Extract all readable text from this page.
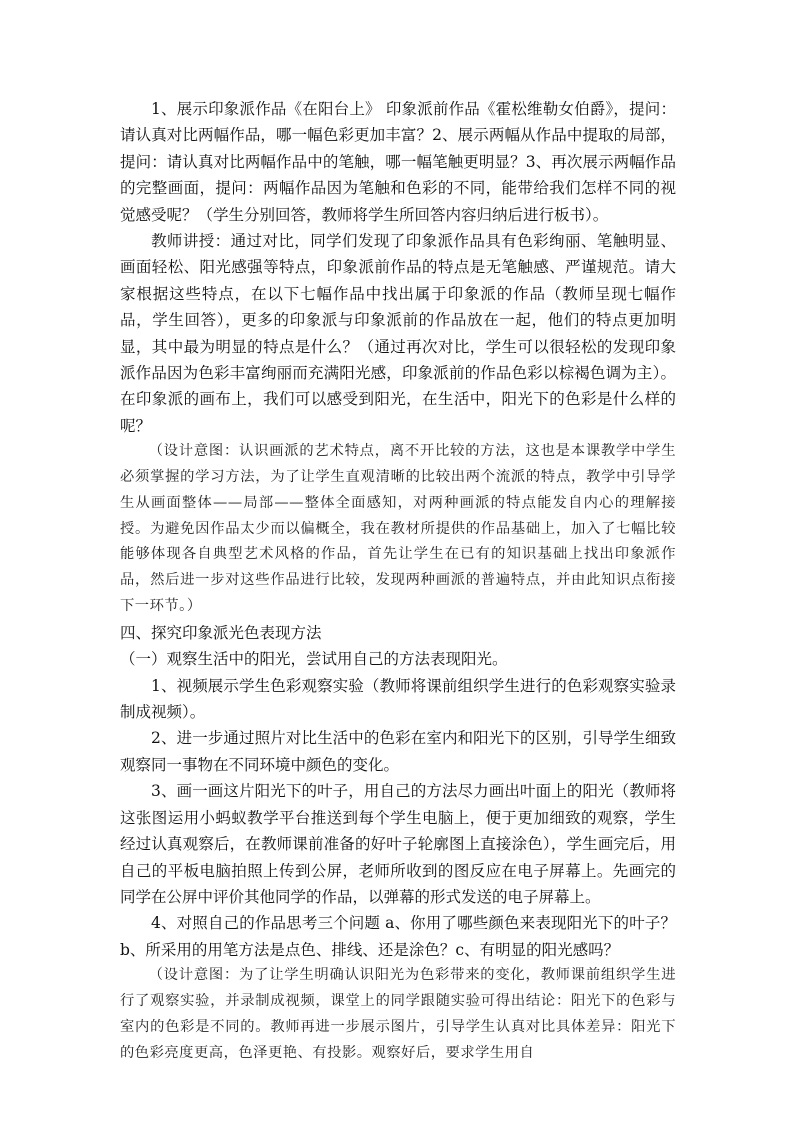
1、展示印象派作品《在阳台上》 印象派前作品《霍松维勒女伯爵》，提问：请认真对比两幅作品，哪一幅色彩更加丰富？2、展示两幅从作品中提取的局部，提问：请认真对比两幅作品中的笔触，哪一幅笔触更明显？3、再次展示两幅作品的完整画面，提问：两幅作品因为笔触和色彩的不同，能带给我们怎样不同的视觉感受呢？（学生分别回答，教师将学生所回答内容归纳后进行板书）。

教师讲授：通过对比，同学们发现了印象派作品具有色彩绚丽、笔触明显、画面轻松、阳光感强等特点，印象派前作品的特点是无笔触感、严谨规范。请大家根据这些特点，在以下七幅作品中找出属于印象派的作品（教师呈现七幅作品，学生回答），更多的印象派与印象派前的作品放在一起，他们的特点更加明显，其中最为明显的特点是什么？（通过再次对比，学生可以很轻松的发现印象派作品因为色彩丰富绚丽而充满阳光感，印象派前的作品色彩以棕褐色调为主）。在印象派的画布上，我们可以感受到阳光，在生活中，阳光下的色彩是什么样的呢？

（设计意图：认识画派的艺术特点，离不开比较的方法，这也是本课教学中学生必须掌握的学习方法，为了让学生直观清晰的比较出两个流派的特点，教学中引导学生从画面整体——局部——整体全面感知，对两种画派的特点能发自内心的理解接授。为避免因作品太少而以偏概全，我在教材所提供的作品基础上，加入了七幅比较能够体现各自典型艺术风格的作品，首先让学生在已有的知识基础上找出印象派作品，然后进一步对这些作品进行比较，发现两种画派的普遍特点，并由此知识点衔接下一环节。）

四、探究印象派光色表现方法

（一）观察生活中的阳光，尝试用自己的方法表现阳光。

1、视频展示学生色彩观察实验（教师将课前组织学生进行的色彩观察实验录制成视频）。

2、进一步通过照片对比生活中的色彩在室内和阳光下的区别，引导学生细致观察同一事物在不同环境中颜色的变化。

3、画一画这片阳光下的叶子，用自己的方法尽力画出叶面上的阳光（教师将这张图运用小蚂蚁教学平台推送到每个学生电脑上，便于更加细致的观察，学生经过认真观察后，在教师课前准备的好叶子轮廓图上直接涂色），学生画完后，用自己的平板电脑拍照上传到公屏，老师所收到的图反应在电子屏幕上。先画完的同学在公屏中评价其他同学的作品，以弹幕的形式发送的电子屏幕上。

4、对照自己的作品思考三个问题 a、你用了哪些颜色来表现阳光下的叶子？b、所采用的用笔方法是点色、排线、还是涂色？c、有明显的阳光感吗？

（设计意图：为了让学生明确认识阳光为色彩带来的变化，教师课前组织学生进行了观察实验，并录制成视频，课堂上的同学跟随实验可得出结论：阳光下的色彩与室内的色彩是不同的。教师再进一步展示图片，引导学生认真对比具体差异：阳光下的色彩亮度更高，色泽更艳、有投影。观察好后，要求学生用自
